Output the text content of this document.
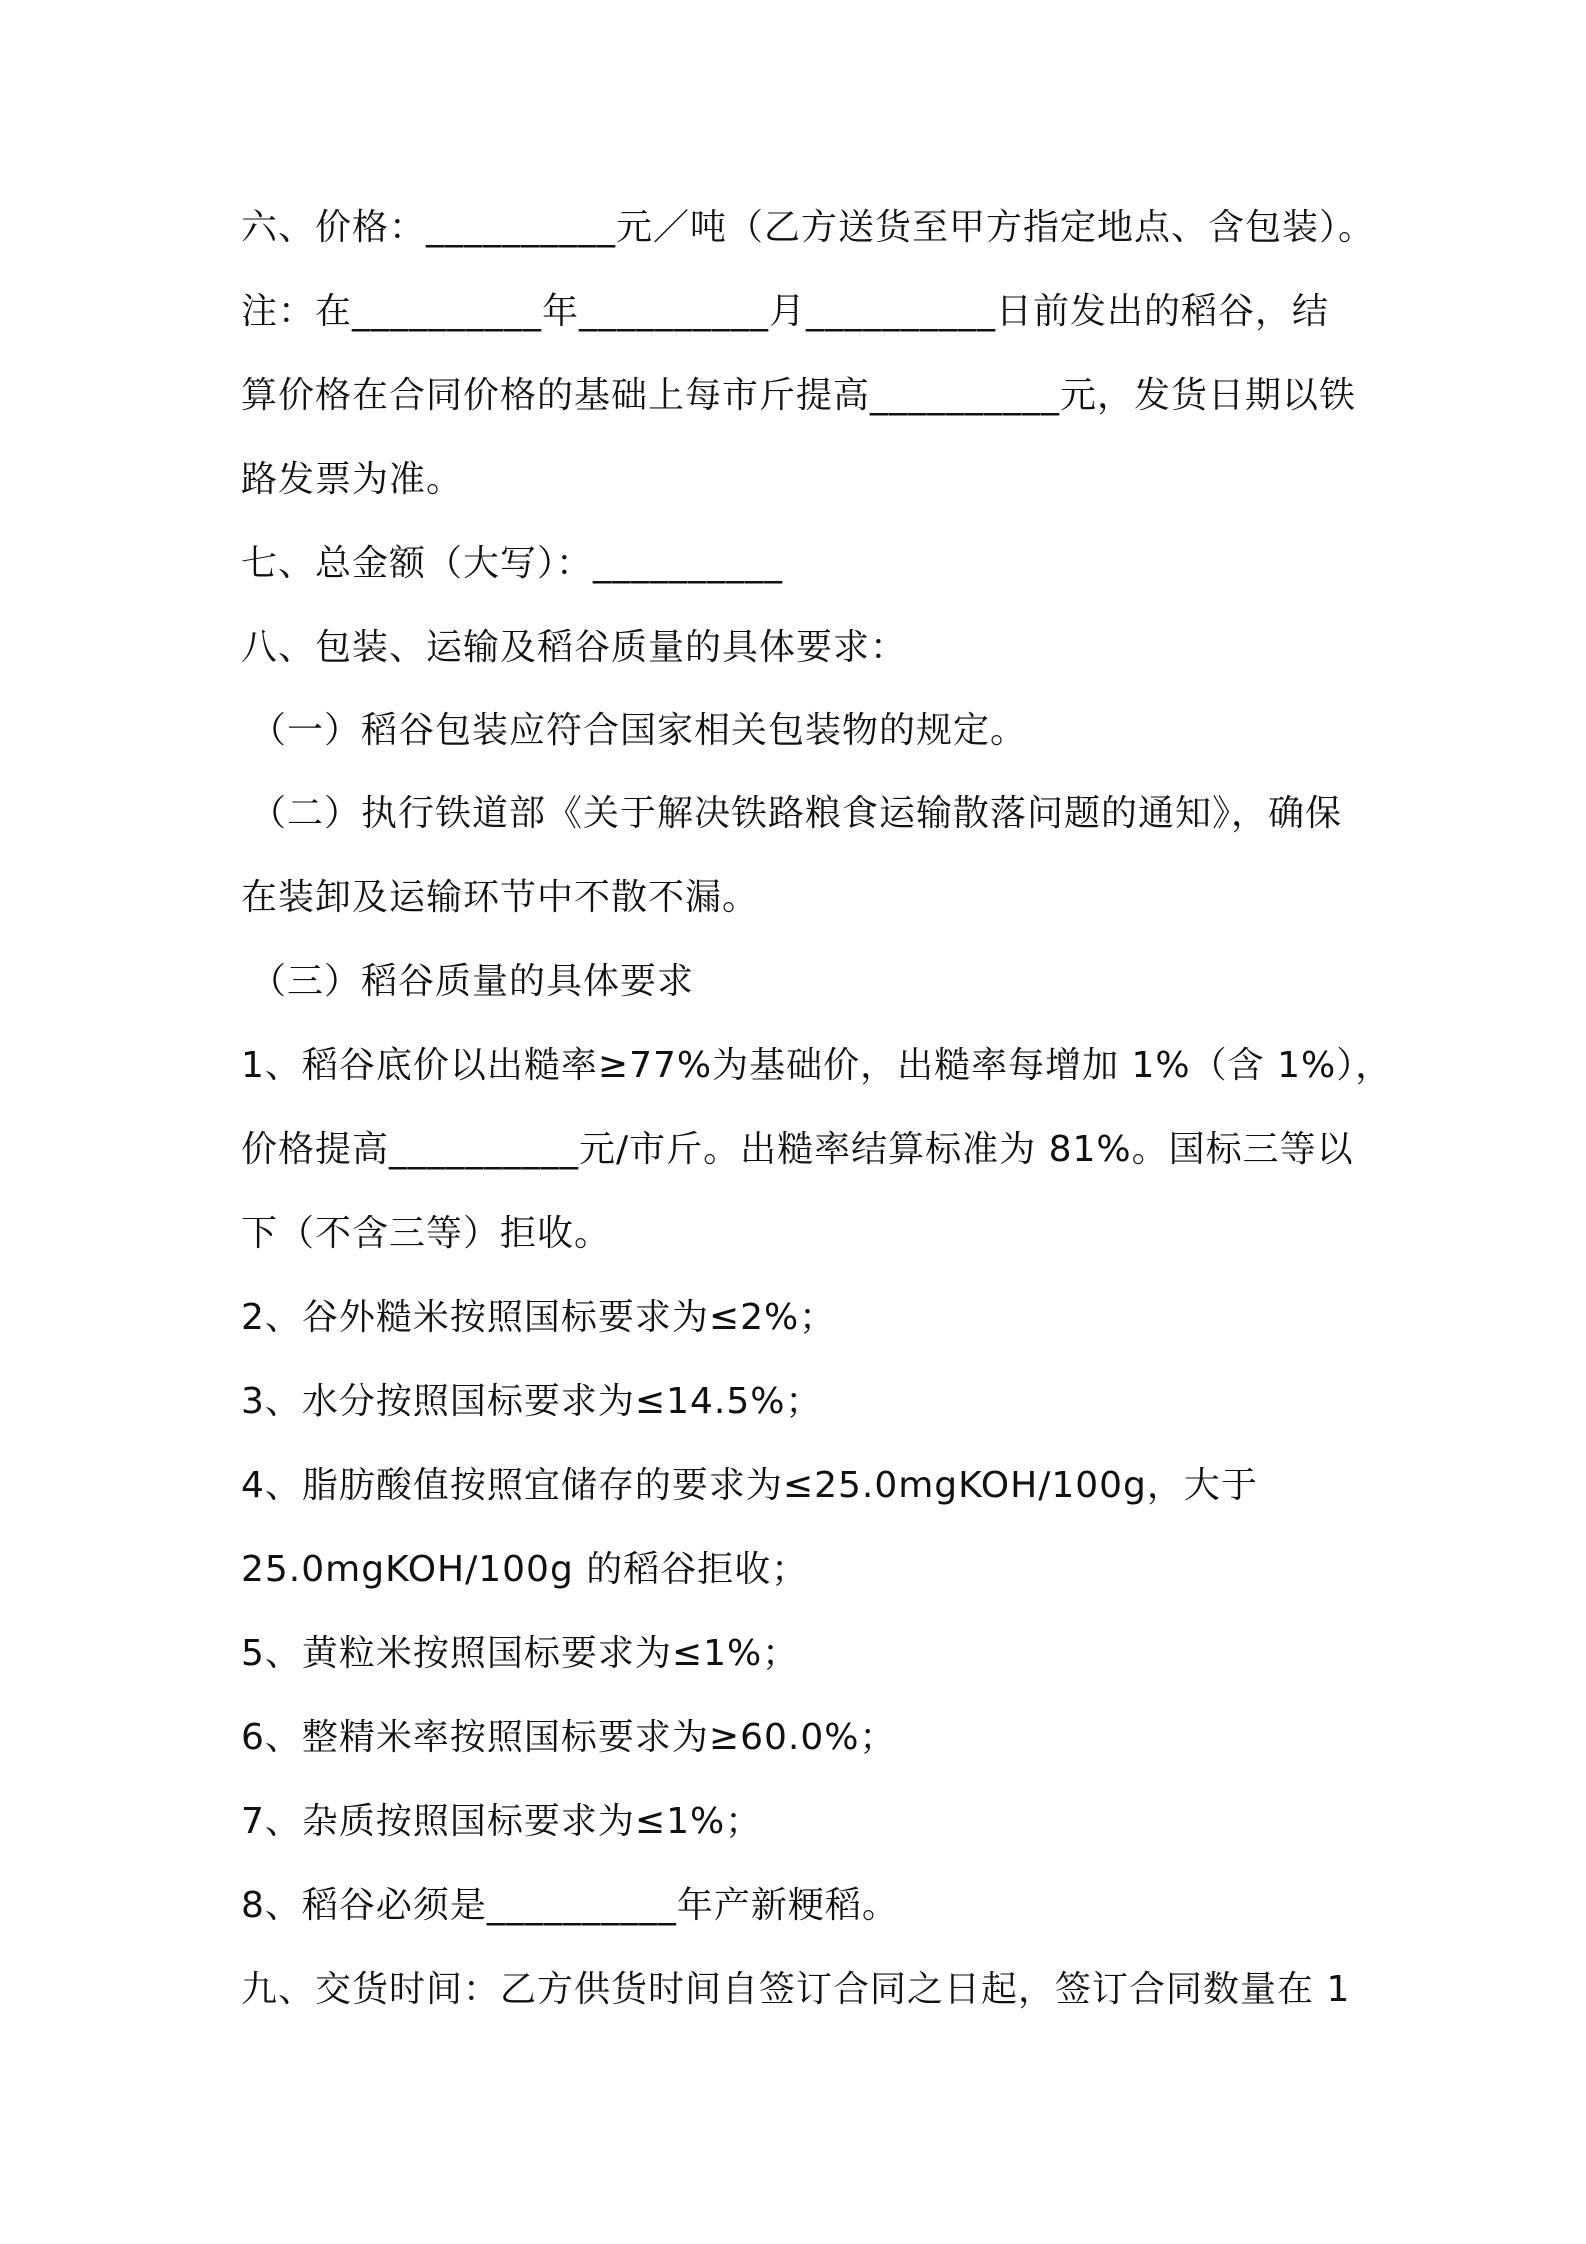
六、价格：__________元／吨（乙方送货至甲方指定地点、含包装）。
注：在__________年__________月__________日前发出的稻谷，结
算价格在合同价格的基础上每市斤提高__________元，发货日期以铁
路发票为准。
七、总金额（大写）：__________
八、包装、运输及稻谷质量的具体要求：
（一）稻谷包装应符合国家相关包装物的规定。
（二）执行铁道部《关于解决铁路粮食运输散落问题的通知》，确保
在装卸及运输环节中不散不漏。
（三）稻谷质量的具体要求
1、稻谷底价以出糙率≥77%为基础价，出糙率每增加 1%（含 1%），
价格提高__________元/市斤。出糙率结算标准为 81%。国标三等以
下（不含三等）拒收。
2、谷外糙米按照国标要求为≤2%；
3、水分按照国标要求为≤14.5%；
4、脂肪酸值按照宜储存的要求为≤25.0mgKOH/100g，大于
25.0mgKOH/100g 的稻谷拒收；
5、黄粒米按照国标要求为≤1%；
6、整精米率按照国标要求为≥60.0%；
7、杂质按照国标要求为≤1%；
8、稻谷必须是__________年产新粳稻。
九、交货时间：乙方供货时间自签订合同之日起，签订合同数量在 1
